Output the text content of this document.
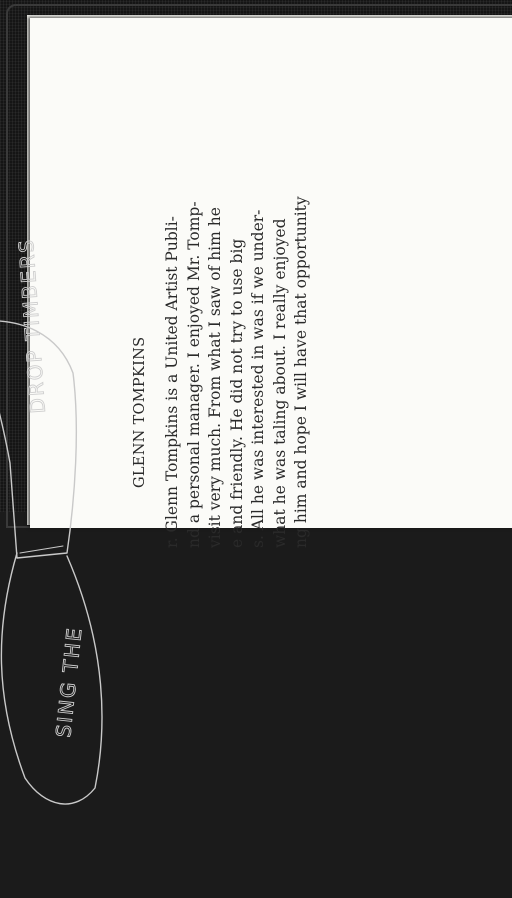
DROP TIMBERS
SING THE
GLENN TOMPKINS r. Glenn Tompkins is a United Artist Publi- nd a personal manager. I enjoyed Mr. Tomp- visit very much. From what I saw of him he e and friendly. He did not try to use big s. All he was interested in was if we under- what he was taling about. I really enjoyed ng him and hope I will have that opportunity
